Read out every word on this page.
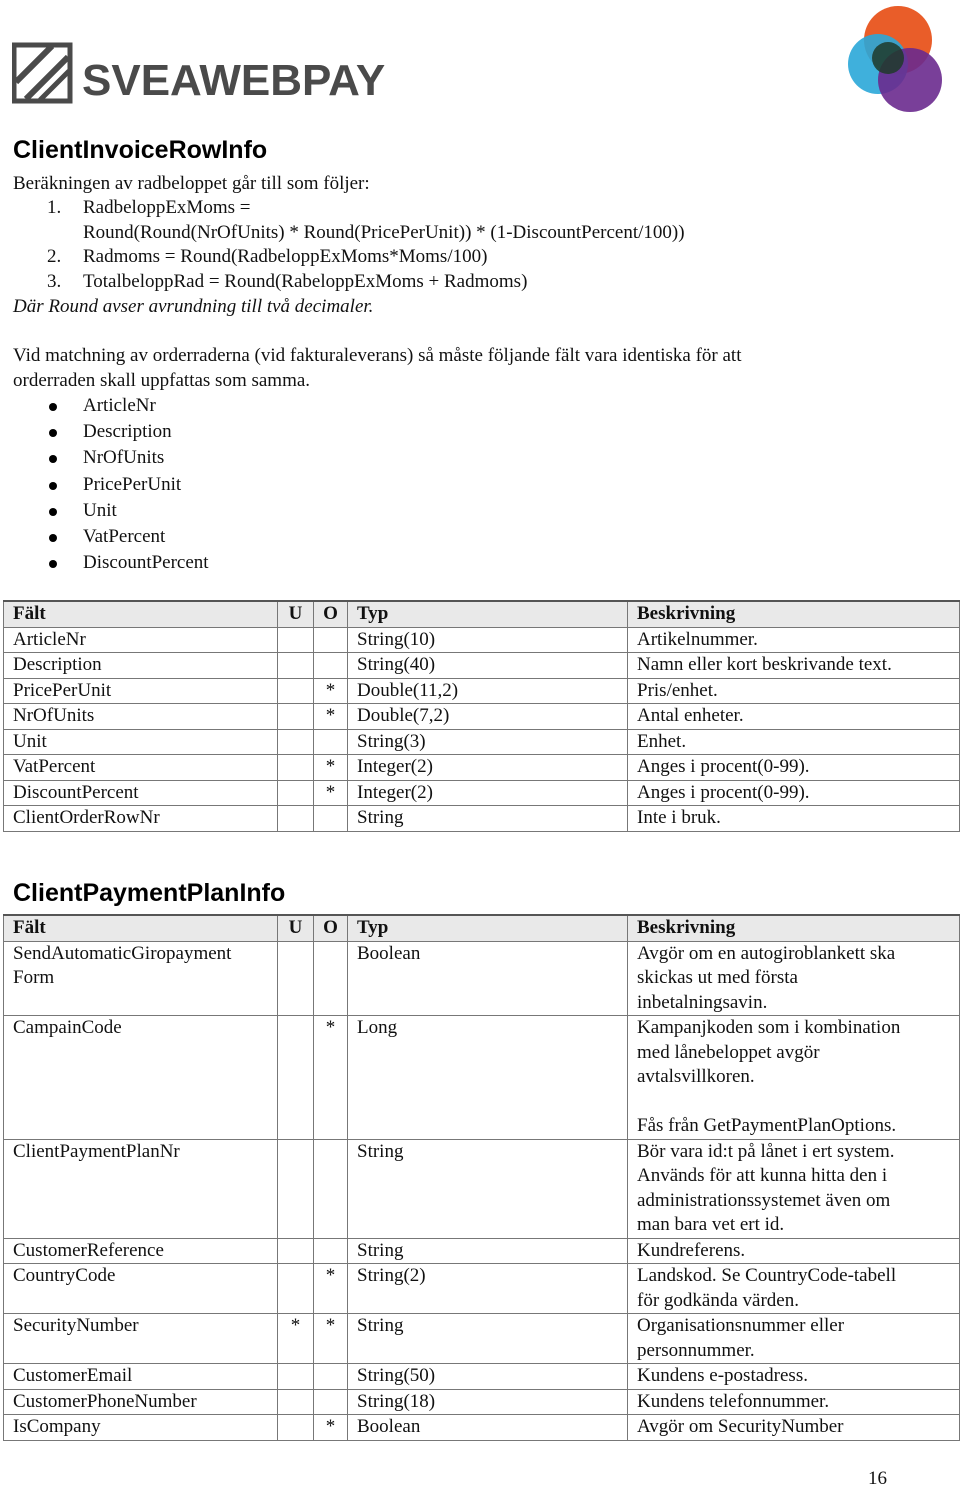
SVEAWEBPAY
ClientInvoiceRowInfo
Beräkningen av radbeloppet går till som följer:
1.	RadbeloppExMoms =
Round(Round(NrOfUnits) * Round(PricePerUnit)) * (1-DiscountPercent/100))
2.	Radmoms = Round(RadbeloppExMoms*Moms/100)
3.	TotalbeloppRad = Round(RabeloppExMoms + Radmoms)
Där Round avser avrundning till två decimaler.
Vid matchning av orderraderna (vid fakturaleverans) så måste följande fält vara identiska för att
orderraden skall uppfattas som samma.
ArticleNr
Description
NrOfUnits
PricePerUnit
Unit
VatPercent
DiscountPercent
Fält	U	O	Typ	Beskrivning
ArticleNr			String(10)	Artikelnummer.
Description			String(40)	Namn eller kort beskrivande text.
PricePerUnit		*	Double(11,2)	Pris/enhet.
NrOfUnits		*	Double(7,2)	Antal enheter.
Unit			String(3)	Enhet.
VatPercent		*	Integer(2)	Anges i procent(0-99).
DiscountPercent		*	Integer(2)	Anges i procent(0-99).
ClientOrderRowNr			String	Inte i bruk.
ClientPaymentPlanInfo
Fält	U	O	Typ	Beskrivning
SendAutomaticGiropayment
Form			Boolean	Avgör om en autogiroblankett ska
skickas ut med första
inbetalningsavin.
CampainCode		*	Long	Kampanjkoden som i kombination
med lånebeloppet avgör
avtalsvillkoren.

Fås från GetPaymentPlanOptions.
ClientPaymentPlanNr			String	Bör vara id:t på lånet i ert system.
Används för att kunna hitta den i
administrationssystemet även om
man bara vet ert id.
CustomerReference			String	Kundreferens.
CountryCode		*	String(2)	Landskod. Se CountryCode-tabell
för godkända värden.
SecurityNumber	*	*	String	Organisationsnummer eller
personnummer.
CustomerEmail			String(50)	Kundens e-postadress.
CustomerPhoneNumber			String(18)	Kundens telefonnummer.
IsCompany		*	Boolean	Avgör om SecurityNumber
16
